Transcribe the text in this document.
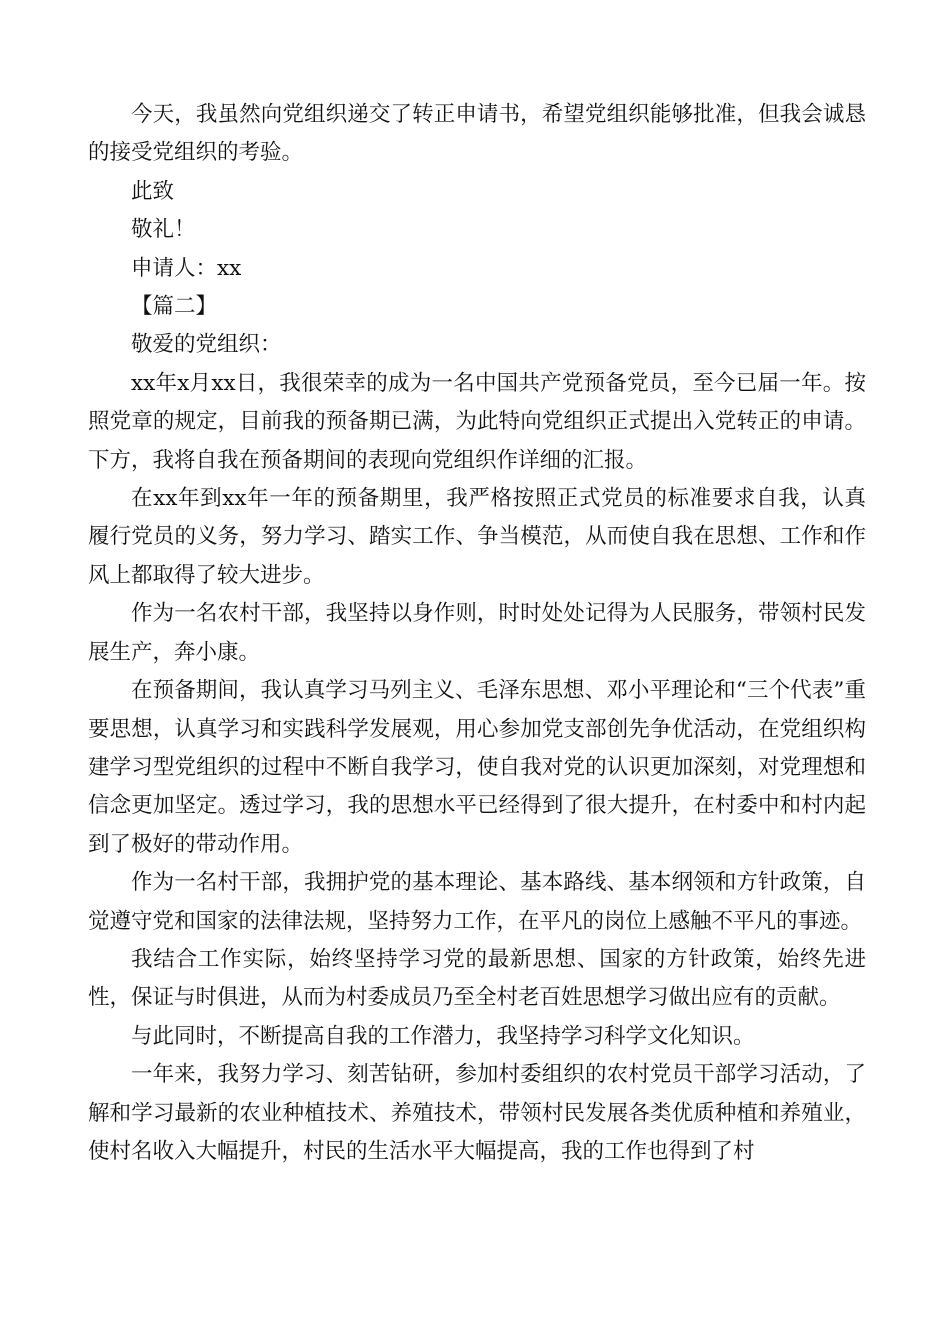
今天，我虽然向党组织递交了转正申请书，希望党组织能够批准，但我会诚恳的接受党组织的考验。

此致

敬礼！

申请人：xx

【篇二】

敬爱的党组织：

xx年x月xx日，我很荣幸的成为一名中国共产党预备党员，至今已届一年。按照党章的规定，目前我的预备期已满，为此特向党组织正式提出入党转正的申请。下方，我将自我在预备期间的表现向党组织作详细的汇报。

在xx年到xx年一年的预备期里，我严格按照正式党员的标准要求自我，认真履行党员的义务，努力学习、踏实工作、争当模范，从而使自我在思想、工作和作风上都取得了较大进步。

作为一名农村干部，我坚持以身作则，时时处处记得为人民服务，带领村民发展生产，奔小康。

在预备期间，我认真学习马列主义、毛泽东思想、邓小平理论和“三个代表”重要思想，认真学习和实践科学发展观，用心参加党支部创先争优活动，在党组织构建学习型党组织的过程中不断自我学习，使自我对党的认识更加深刻，对党理想和信念更加坚定。透过学习，我的思想水平已经得到了很大提升，在村委中和村内起到了极好的带动作用。

作为一名村干部，我拥护党的基本理论、基本路线、基本纲领和方针政策，自觉遵守党和国家的法律法规，坚持努力工作，在平凡的岗位上感触不平凡的事迹。

我结合工作实际，始终坚持学习党的最新思想、国家的方针政策，始终先进性，保证与时俱进，从而为村委成员乃至全村老百姓思想学习做出应有的贡献。

与此同时，不断提高自我的工作潜力，我坚持学习科学文化知识。

一年来，我努力学习、刻苦钻研，参加村委组织的农村党员干部学习活动，了解和学习最新的农业种植技术、养殖技术，带领村民发展各类优质种植和养殖业，使村名收入大幅提升，村民的生活水平大幅提高，我的工作也得到了村
